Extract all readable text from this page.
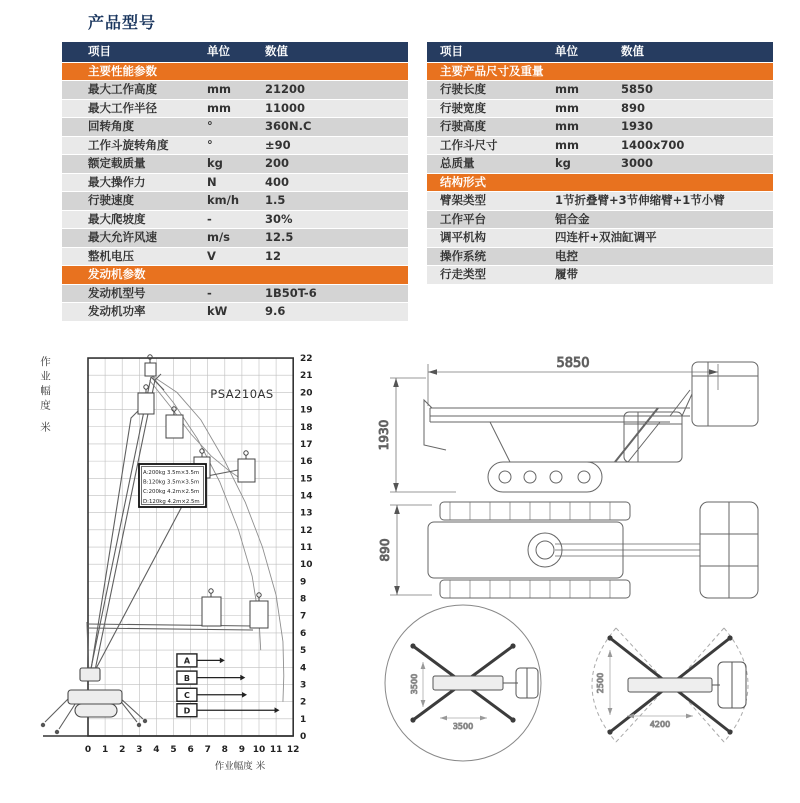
产品型号
项目	单位	数值
主要性能参数
最大工作高度	mm	21200
最大工作半径	mm	11000
回转角度	°	360N.C
工作斗旋转角度	°	±90
额定载质量	kg	200
最大操作力	N	400
行驶速度	km/h	1.5
最大爬坡度	-	30%
最大允许风速	m/s	12.5
整机电压	V	12
发动机参数
发动机型号	-	1B50T-6
发动机功率	kW	9.6
项目	单位	数值
主要产品尺寸及重量
行驶长度	mm	5850
行驶宽度	mm	890
行驶高度	mm	1930
工作斗尺寸	mm	1400x700
总质量	kg	3000
结构形式
臂架类型	1节折叠臂+3节伸缩臂+1节小臂
工作平台	铝合金
调平机构	四连杆+双油缸调平
操作系统	电控
行走类型	履带
作业幅度 米
0 1 2 3 4 5 6 7 8 9 10 11 12
0
1
2
3
4
5
6
7
8
9
10
11
12
13
14
15
16
17
18
19
20
21
22
作业幅度 米
PSA210AS
A:200kg 3.5m×3.5m
B:120kg 3.5m×3.5m
C:200kg 4.2m×2.5m
D:120kg 4.2m×2.5m
A
B
C
D
5850
1930
890
3500
3500
2500
4200
